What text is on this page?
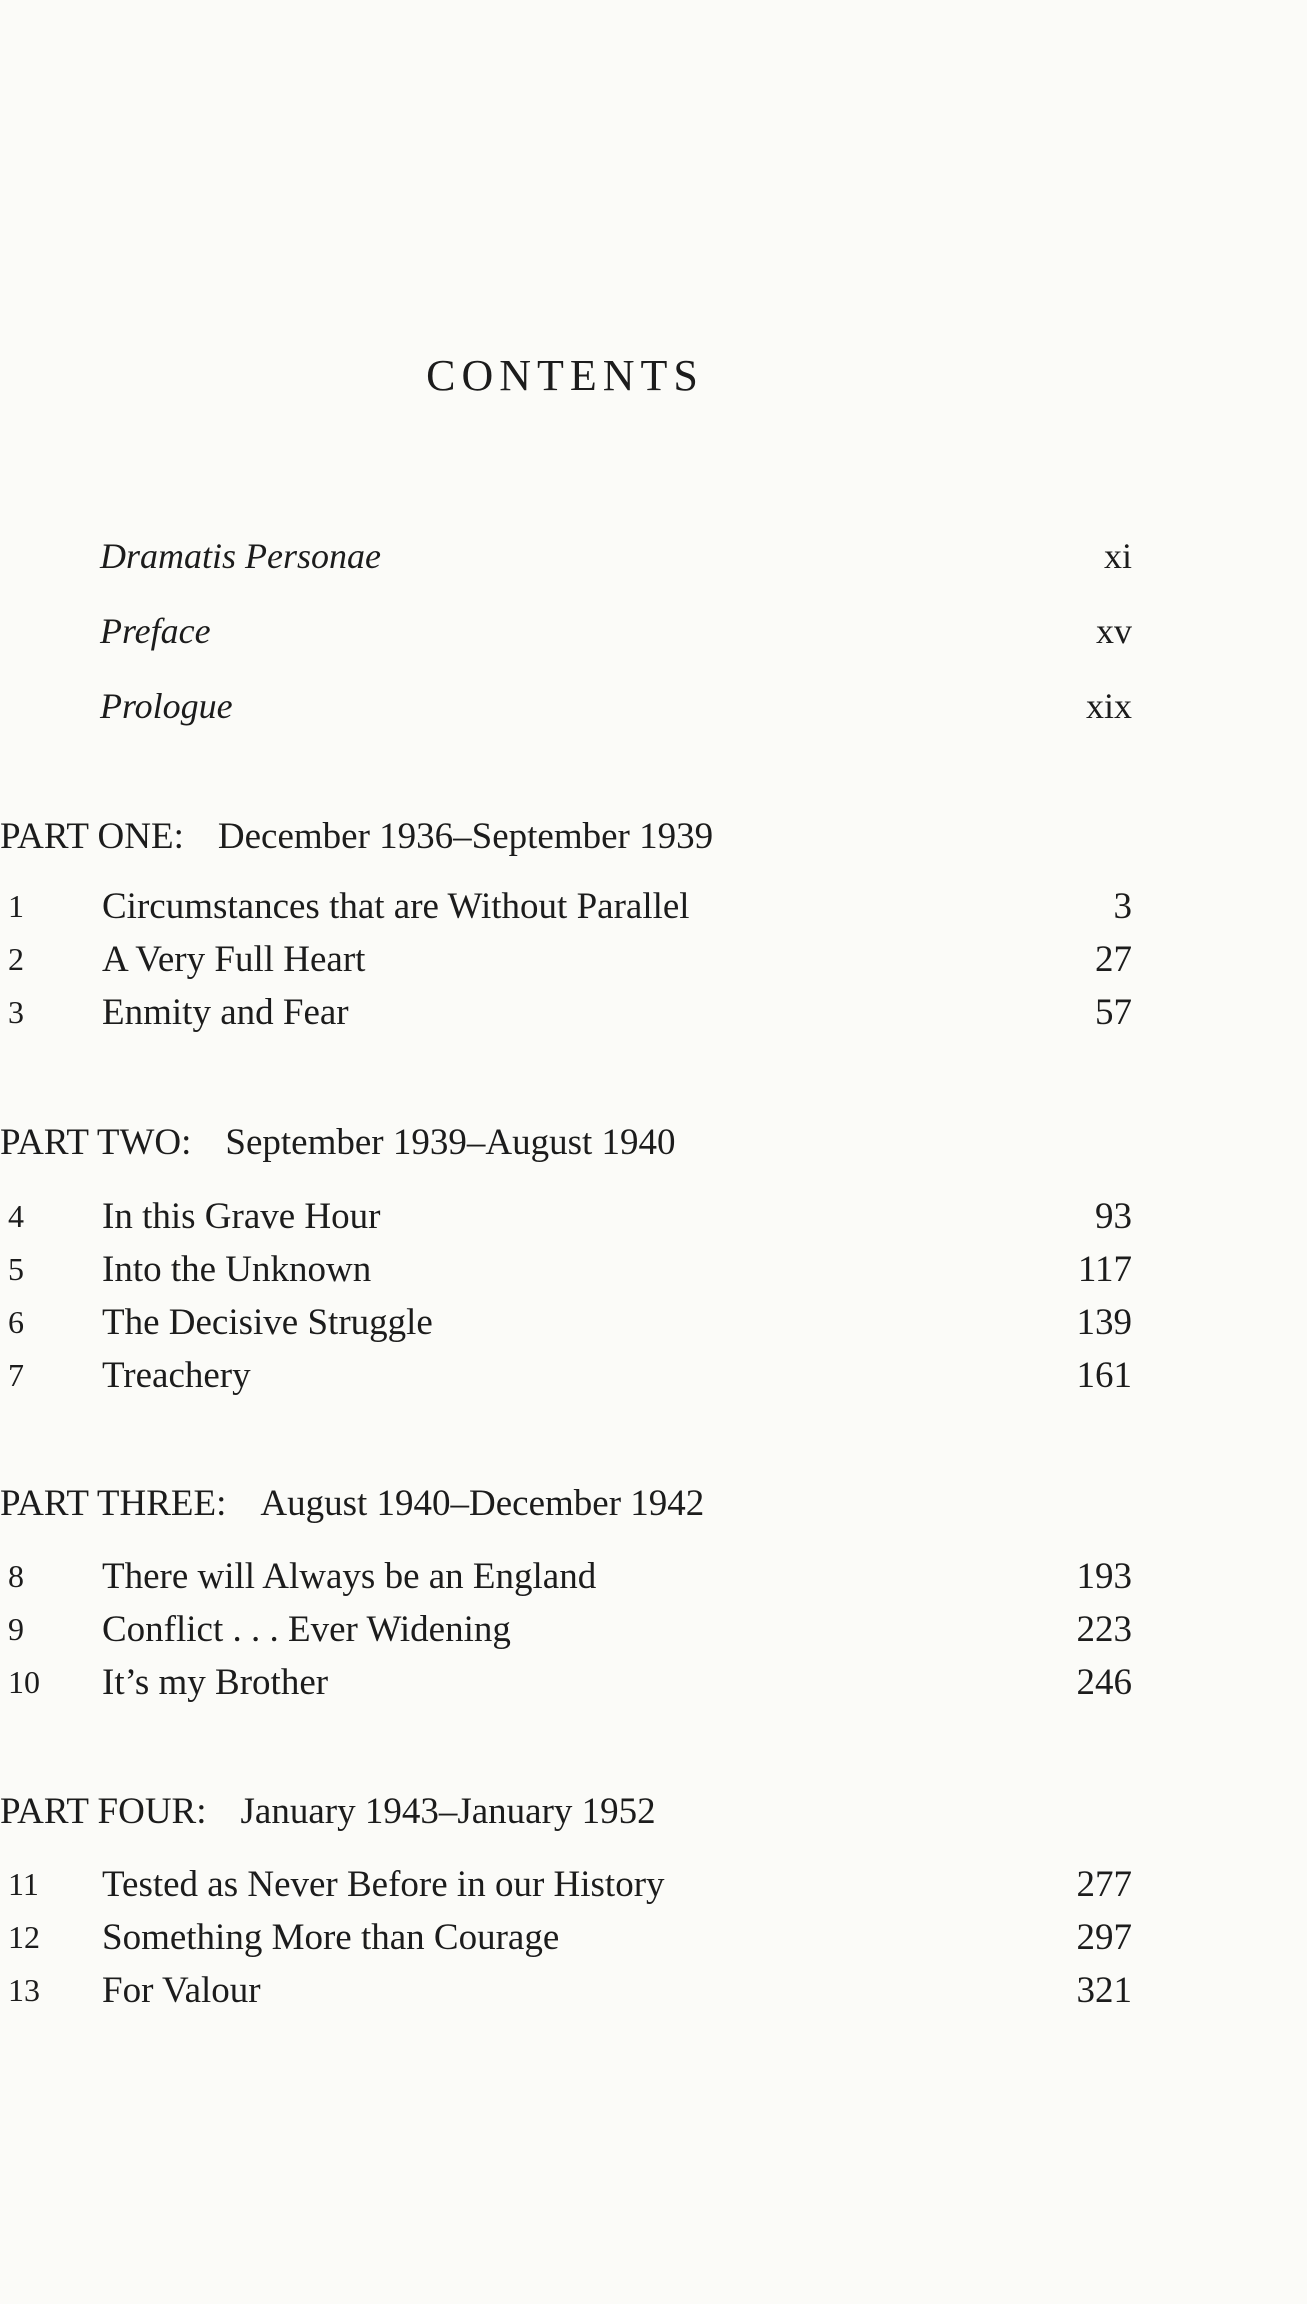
CONTENTS
Dramatis Personae	xi
Preface	xv
Prologue	xix
PART ONE: December 1936–September 1939
1 Circumstances that are Without Parallel	3
2 A Very Full Heart	27
3 Enmity and Fear	57
PART TWO: September 1939–August 1940
4 In this Grave Hour	93
5 Into the Unknown	117
6 The Decisive Struggle	139
7 Treachery	161
PART THREE: August 1940–December 1942
8 There will Always be an England	193
9 Conflict . . . Ever Widening	223
10 It’s my Brother	246
PART FOUR: January 1943–January 1952
11 Tested as Never Before in our History	277
12 Something More than Courage	297
13 For Valour	321
